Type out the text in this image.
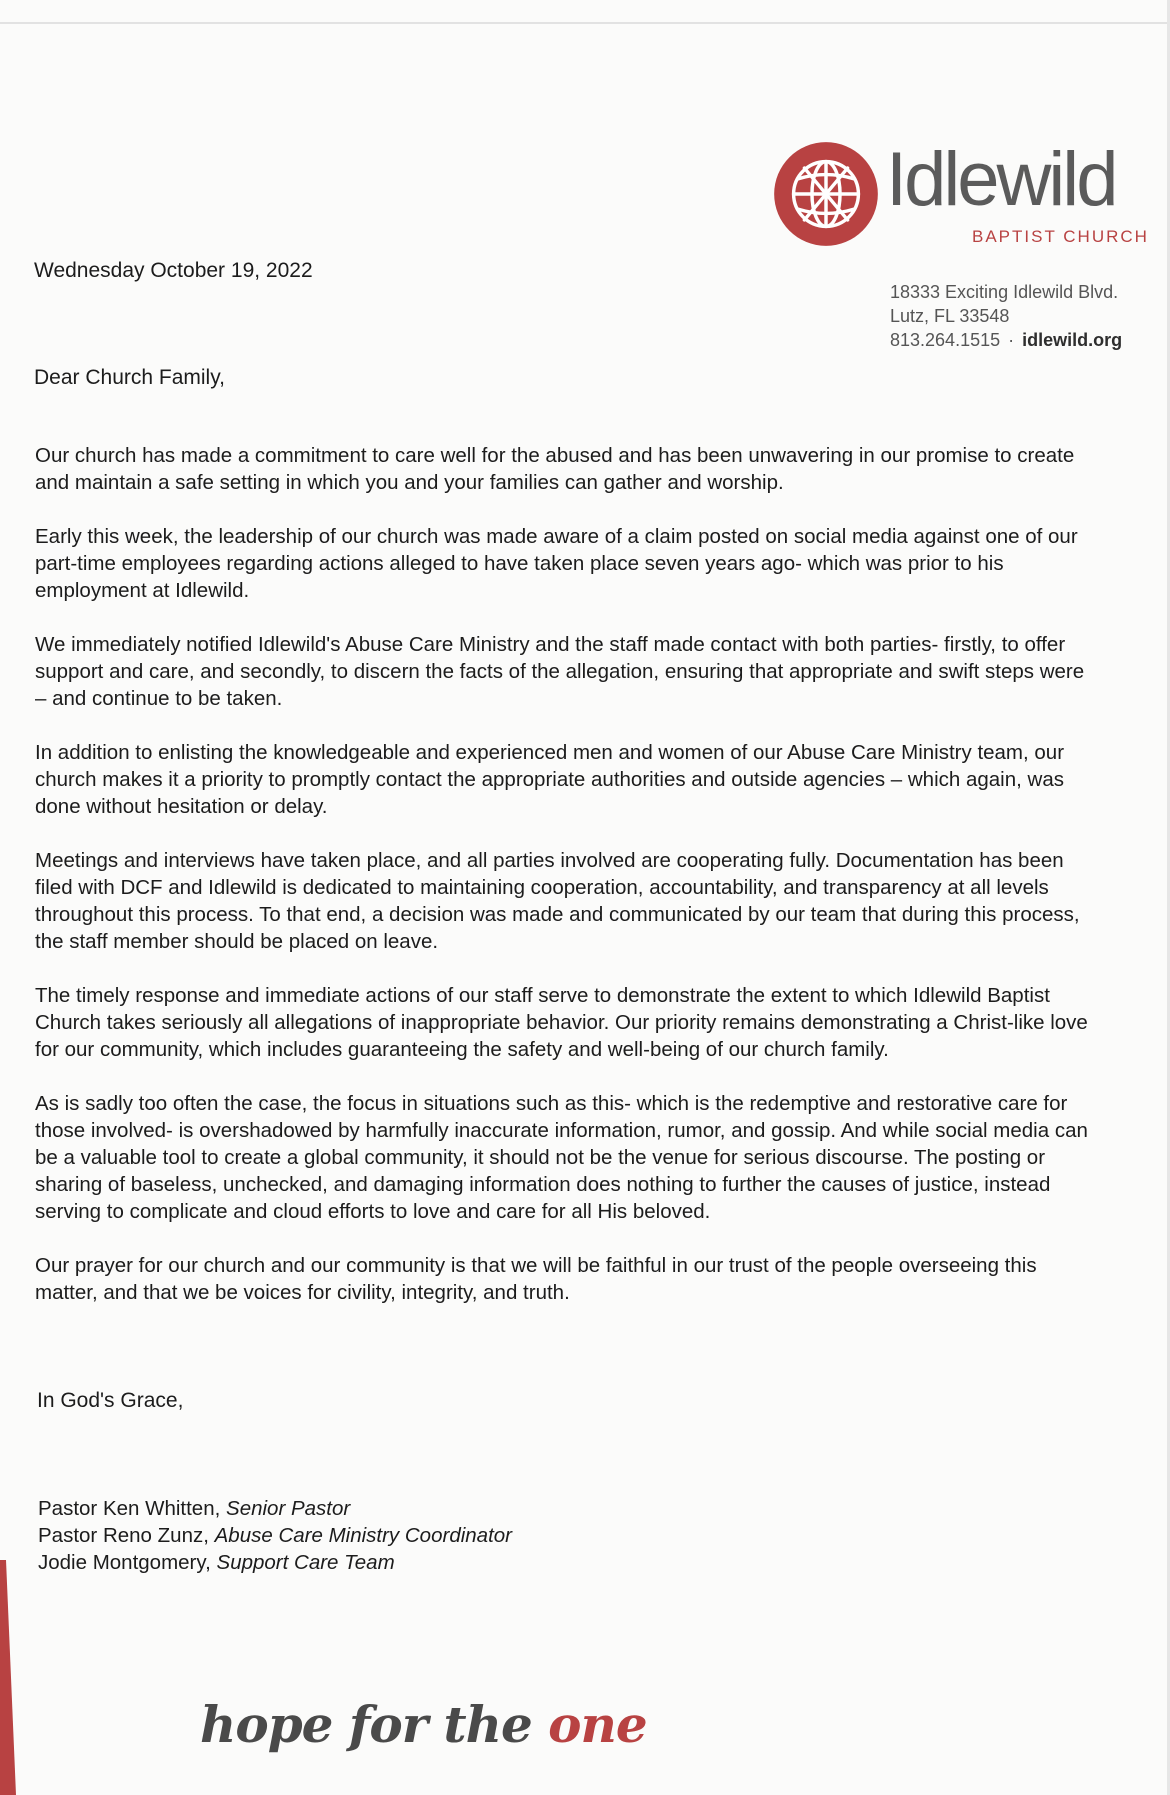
Idlewild
BAPTIST CHURCH
18333 Exciting Idlewild Blvd.
Lutz, FL 33548
813.264.1515 · idlewild.org
Wednesday October 19, 2022
Dear Church Family,

Our church has made a commitment to care well for the abused and has been unwavering in our promise to create and maintain a safe setting in which you and your families can gather and worship.

Early this week, the leadership of our church was made aware of a claim posted on social media against one of our part-time employees regarding actions alleged to have taken place seven years ago- which was prior to his employment at Idlewild.

We immediately notified Idlewild's Abuse Care Ministry and the staff made contact with both parties- firstly, to offer support and care, and secondly, to discern the facts of the allegation, ensuring that appropriate and swift steps were – and continue to be taken.

In addition to enlisting the knowledgeable and experienced men and women of our Abuse Care Ministry team, our church makes it a priority to promptly contact the appropriate authorities and outside agencies – which again, was done without hesitation or delay.

Meetings and interviews have taken place, and all parties involved are cooperating fully. Documentation has been filed with DCF and Idlewild is dedicated to maintaining cooperation, accountability, and transparency at all levels throughout this process. To that end, a decision was made and communicated by our team that during this process, the staff member should be placed on leave.

The timely response and immediate actions of our staff serve to demonstrate the extent to which Idlewild Baptist Church takes seriously all allegations of inappropriate behavior. Our priority remains demonstrating a Christ-like love for our community, which includes guaranteeing the safety and well-being of our church family.

As is sadly too often the case, the focus in situations such as this- which is the redemptive and restorative care for those involved- is overshadowed by harmfully inaccurate information, rumor, and gossip. And while social media can be a valuable tool to create a global community, it should not be the venue for serious discourse. The posting or sharing of baseless, unchecked, and damaging information does nothing to further the causes of justice, instead serving to complicate and cloud efforts to love and care for all His beloved.

Our prayer for our church and our community is that we will be faithful in our trust of the people overseeing this matter, and that we be voices for civility, integrity, and truth.

In God's Grace,
Pastor Ken Whitten, Senior Pastor
Pastor Reno Zunz, Abuse Care Ministry Coordinator
Jodie Montgomery, Support Care Team
hope for the one
